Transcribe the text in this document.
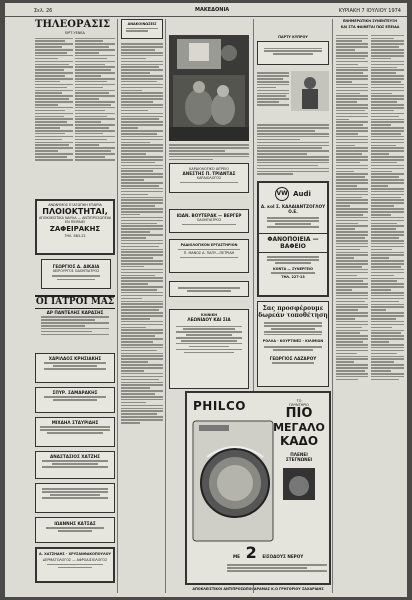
Σελ. 26	ΜΑΚΕΔΟΝΙΑ	ΚΥΡΙΑΚΗ 7 ΙΟΥΛΙΟΥ 1974
ΤΗΛΕΟΡΑΣΙΣ
ΕΙΡΤ-ΥΕΝΕΔ
ΑΝΩΝΥΜΟΣ ΕΞΑΓΩΓΙΚΗ ΕΤΑΙΡΙΑ
ΠΛΟΙΟΚΤΗΤΑΙ,
ΑΠΟΚΛΕΙΣΤΙΚΑ ΝΑΥΛΑ — ΑΝΤΙΠΡΟΣΩΠΕΙΑΙ ΕΝ ΠΕΙΡΑΙΕΙ
ΖΑΦΕΙΡΑΚΗΣ
ΤΗΛ. 863-22
ΓΕΩΡΓΙΟΣ Δ. ΔΙΚΑΙΑ
ΧΕΙΡΟΥΡΓΟΣ ΟΔΟΝΤΙΑΤΡΟΣ
ΟΙ ΙΑΤΡΟΙ ΜΑΣ
ΔΡ ΠΑΝΤΕΛΗΣ ΚΑΡΑΣΗΣ
ΧΑΡΙΛΑΟΣ ΚΡΗΣΙΑΚΗΣ
ΣΠΥΡ. ΣΑΜΑΡΑΚΗΣ
ΜΙΧΑΗΛ ΣΤΑΥΡΙΔΗΣ
ΑΝΑΣΤΑΣΙΟΣ ΧΑΤΖΗΣ
ΙΩΑΝΝΗΣ ΚΑΤΣΑΣ
Α. ΧΑΤΖΗΔΗΣ - ΧΡΥΣΑΝΘΑΚΟΠΟΥΛΟΥ
ΔΕΡΜΑΤΟΛΟΓΟΣ — ΑΦΡΟΔΙΣΙΟΛΟΓΟΣ
ΑΝΑΚΟΙΝΩΣΕΙΣ
ΚΑΡΔΙΟΛΟΓΙΚΟ ΙΑΤΡΕΙΟ
ΑΝΕΣΤΗΣ Π. ΤΡΙΑΝΤΑΣ
ΚΑΡΔΙΟΛΟΓΟΣ
ΙΩΑΝ. ΒΟΥΤΕΡΑΚ — ΒΕΡΓΕΡ
ΟΔΟΝΤΙΑΤΡΟΣ
ΡΑΔΙΟΛΟΓΙΚΟΝ ΕΡΓΑΣΤΗΡΙΟΝ
Π. ΜΑΝΟΣ Δ. ΠΑΠΥ—ΠΕΤΡΙΔΗ
ΚΛΙΝΙΚΗ
ΛΕΩΝΙΔΟΥ ΚΑΙ ΣΙΑ
PHILCO	ΤΟ
ΠΛΥΝΤΗΡΙΟ
ΠΙΟ
ΜΕΓΑΛΟ
ΚΑΔΟ
ΠΛΕΝΕΙ
ΣΤΕΓΝΩΝΕΙ
ΜΕ 2 ΕΙΣΟΔΟΥΣ ΝΕΡΟΥ
ΑΠΟΚΛΕΙΣΤΙΚΟΙ ΑΝΤΙΠΡΟΣΩΠΟΙ ΔΡΑΜΑΣ Κ.Ο ΓΡΗΓΟΡΙΟΥ ΣΑΧΑΡΙΔΗΣ
ΠΑΡΤΥ ΚΥΠΡΟΥ
VW Audi
Α. κοΙ Σ. ΚΑΛΑΙΑΝΤΖΟΓΛΟΥ Ο.Ε.
ΦΑΝΟΠΟΙΕΙΑ — ΒΑΦΕΙΟ
ΚΟΝΤΑ — ΣΥΝΕΡΓΕΙΟ
ΤΗΛ. 227-13
Σας προσφέρουμε
δωρεάν τοποθέτηση
ΡΟΛΛΑ - ΚΟΥΡΤΙΝΕΣ - ΚΙΛΙΜΙΩΝ
ΓΕΩΡΓΙΟΣ ΛΑΖΑΡΟΥ
ΕΝΗΜΕΡΩΤΙΚΗ ΣΥΝΕΝΤΕΥΞΗ
ΚΑΙ ΣΤΑ ΦΑΙΝΕΤΑΙ ΠΩΣ ΕΠΕΙΔΑ
